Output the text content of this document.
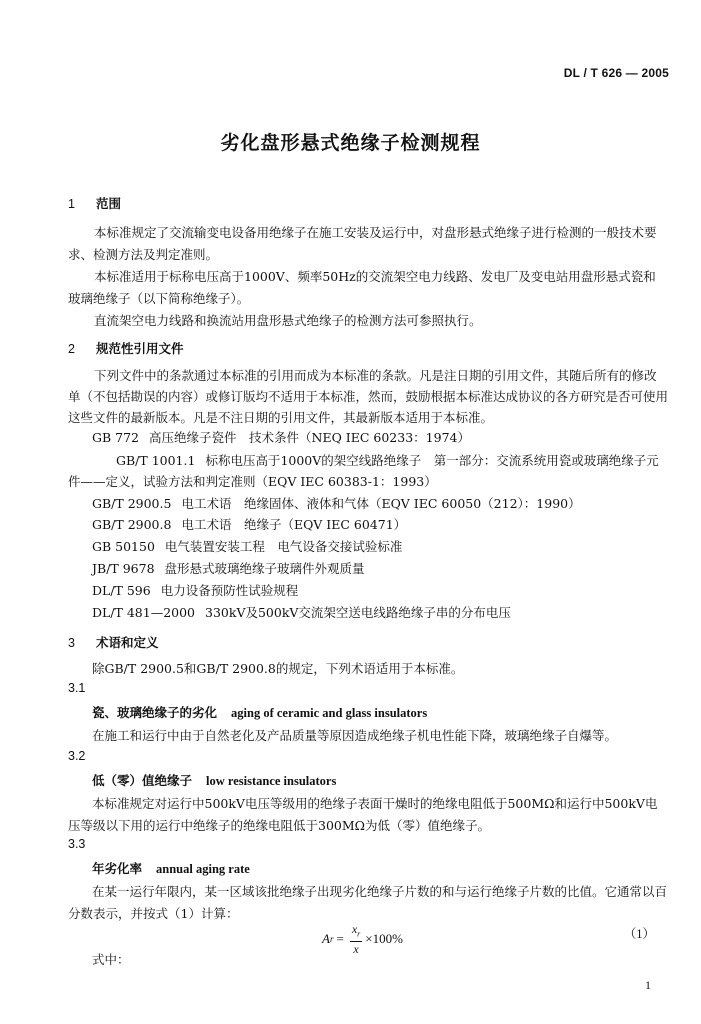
DL / T 626 — 2005
劣化盘形悬式绝缘子检测规程
1 范围
本标准规定了交流输变电设备用绝缘子在施工安装及运行中，对盘形悬式绝缘子进行检测的一般技术要求、检测方法及判定准则。
本标准适用于标称电压高于1000V、频率50Hz的交流架空电力线路、发电厂及变电站用盘形悬式瓷和玻璃绝缘子（以下简称绝缘子）。
直流架空电力线路和换流站用盘形悬式绝缘子的检测方法可参照执行。
2 规范性引用文件
下列文件中的条款通过本标准的引用而成为本标准的条款。凡是注日期的引用文件，其随后所有的修改单（不包括勘误的内容）或修订版均不适用于本标准，然而，鼓励根据本标准达成协议的各方研究是否可使用这些文件的最新版本。凡是不注日期的引用文件，其最新版本适用于本标准。
GB 772 高压绝缘子瓷件　技术条件（NEQ IEC 60233：1974）
GB/T 1001.1 标称电压高于1000V的架空线路绝缘子　第一部分：交流系统用瓷或玻璃绝缘子元件——定义，试验方法和判定准则（EQV IEC 60383-1：1993）
GB/T 2900.5 电工术语　绝缘固体、液体和气体（EQV IEC 60050（212）：1990）
GB/T 2900.8 电工术语　绝缘子（EQV IEC 60471）
GB 50150 电气装置安装工程　电气设备交接试验标准
JB/T 9678 盘形悬式玻璃绝缘子玻璃件外观质量
DL/T 596 电力设备预防性试验规程
DL/T 481—2000 330kV及500kV交流架空送电线路绝缘子串的分布电压
3 术语和定义
除GB/T 2900.5和GB/T 2900.8的规定，下列术语适用于本标准。
3.1
瓷、玻璃绝缘子的劣化 aging of ceramic and glass insulators
在施工和运行中由于自然老化及产品质量等原因造成绝缘子机电性能下降，玻璃绝缘子自爆等。
3.2
低（零）值绝缘子 low resistance insulators
本标准规定对运行中500kV电压等级用的绝缘子表面干燥时的绝缘电阻低于500MΩ和运行中500kV电压等级以下用的运行中绝缘子的绝缘电阻低于300MΩ为低（零）值绝缘子。
3.3
年劣化率 annual aging rate
在某一运行年限内，某一区域该批绝缘子出现劣化绝缘子片数的和与运行绝缘子片数的比值。它通常以百分数表示，并按式（1）计算：
A $r = \frac{x_r}{x} \times 100\%$	（1）
式中：
1
